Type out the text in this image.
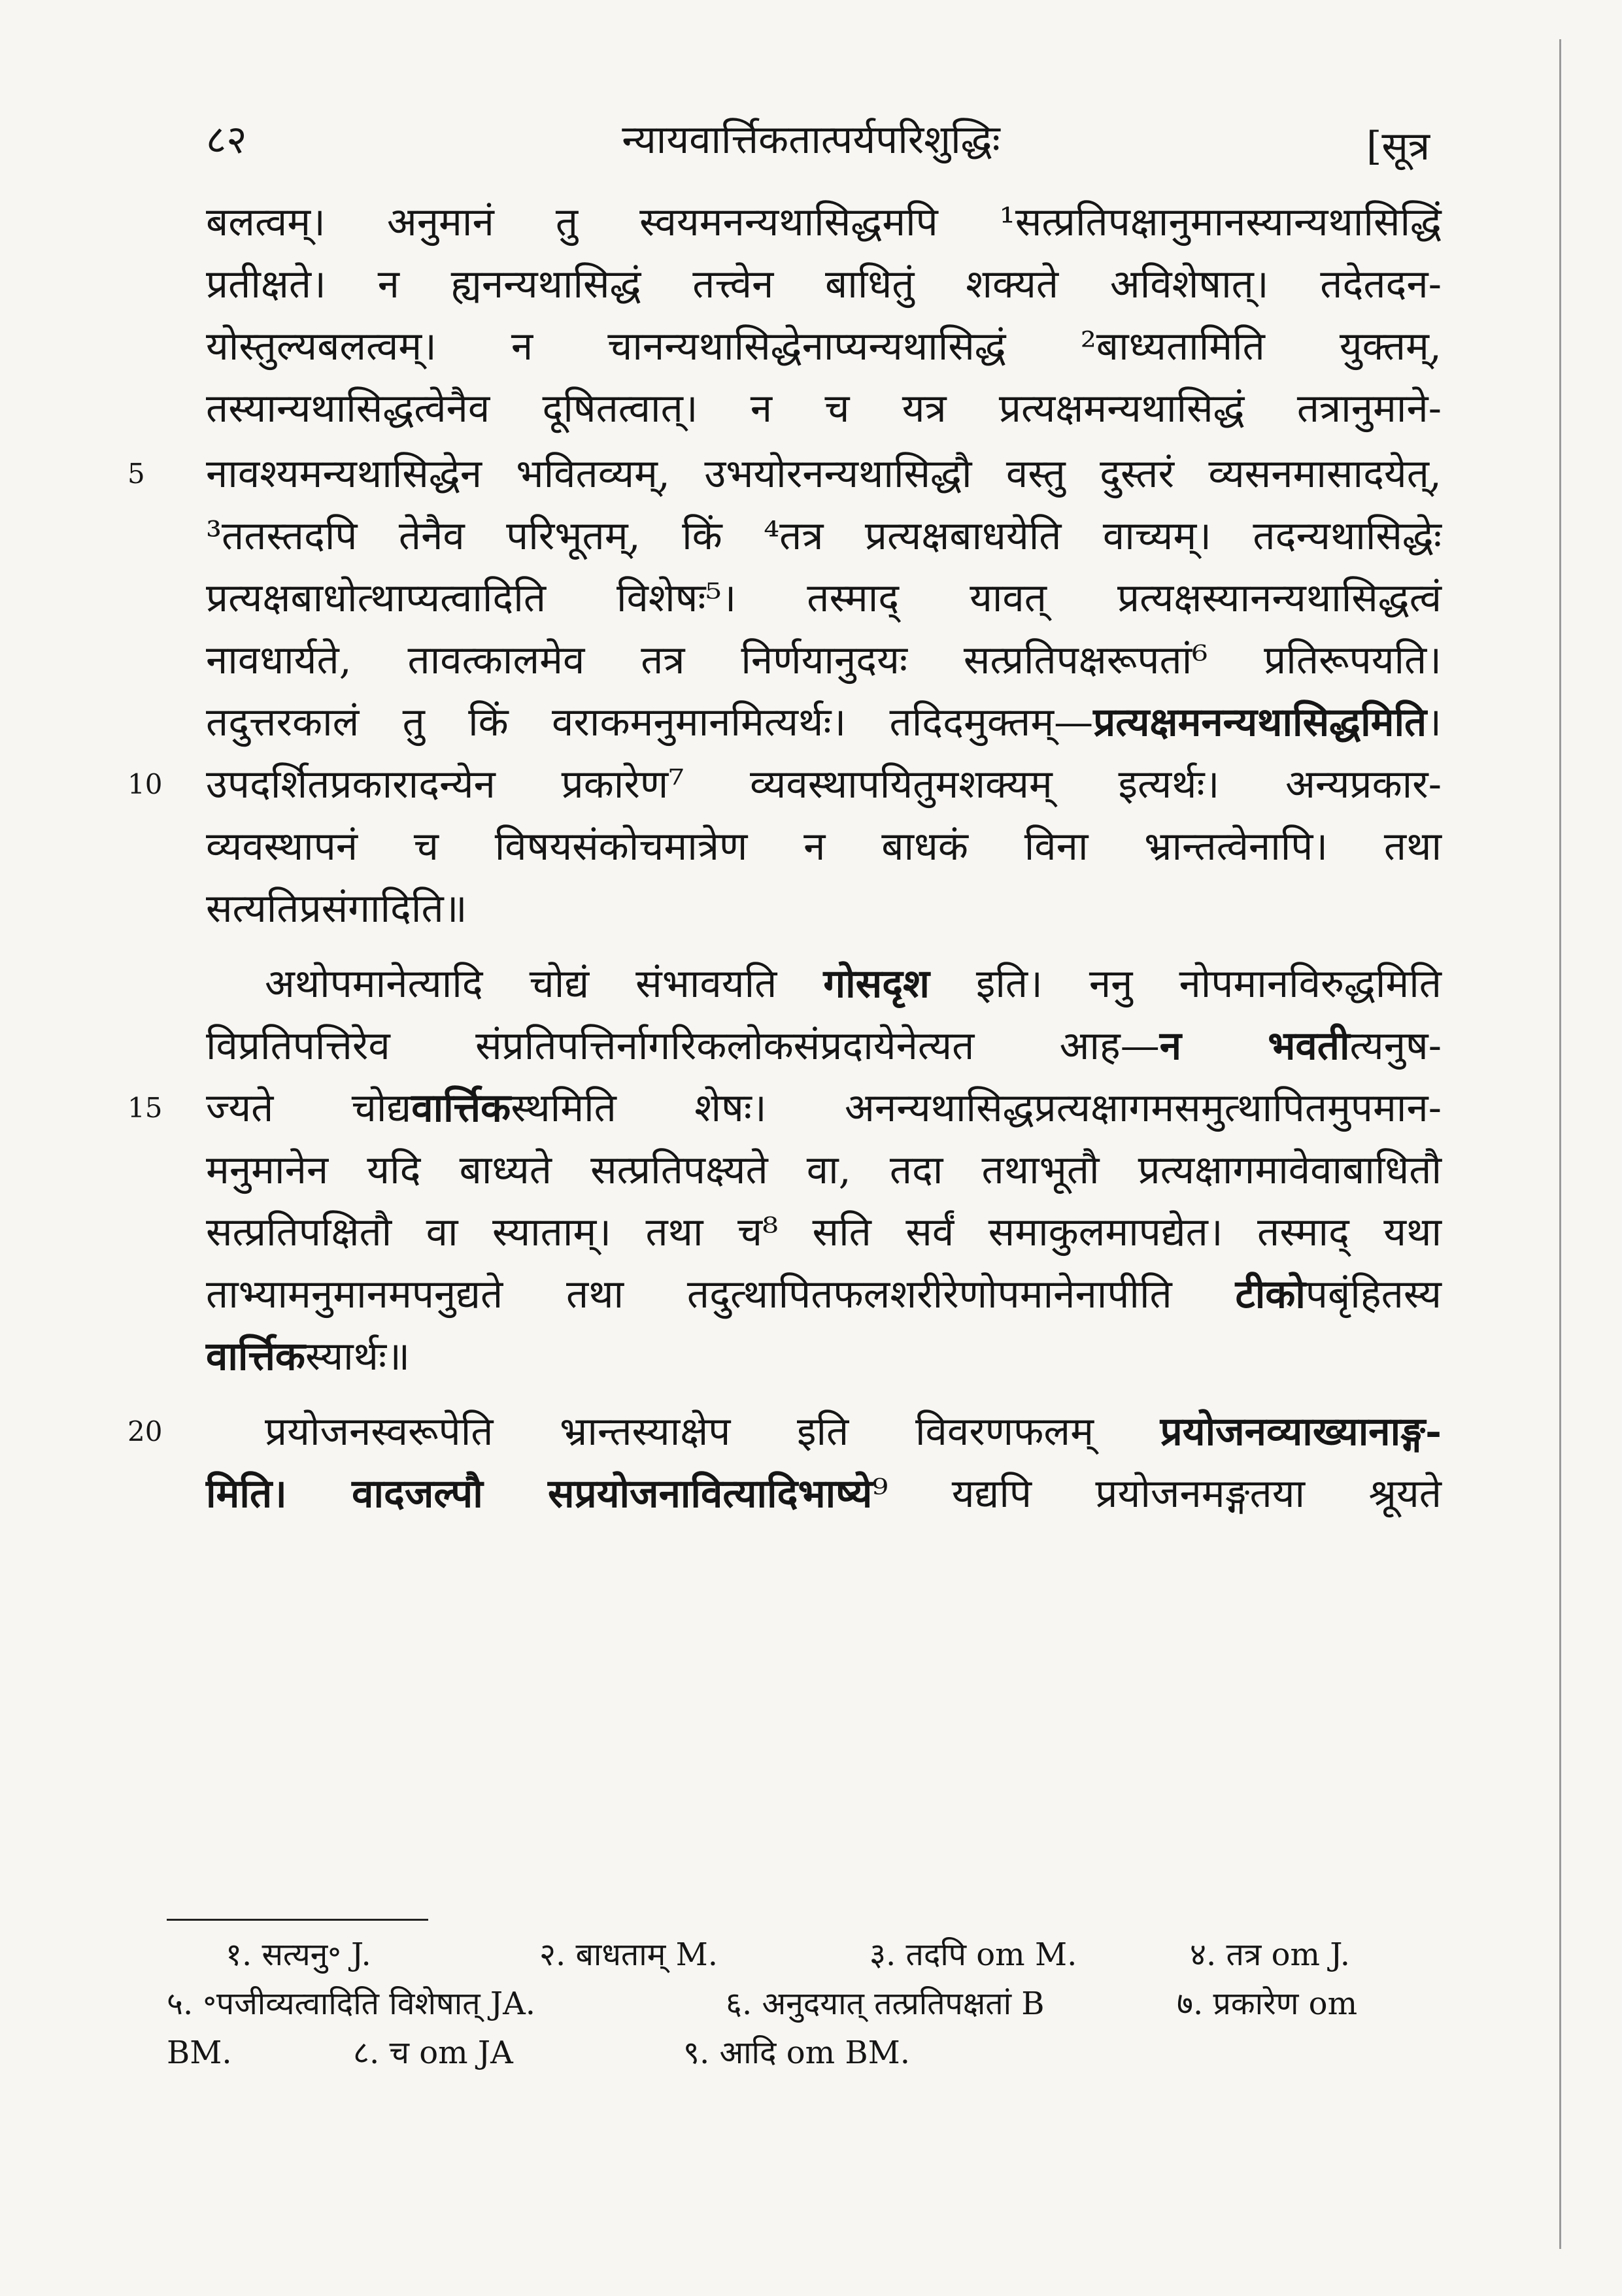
८२	न्यायवार्त्तिकतात्पर्यपरिशुद्धिः	[सूत्र
बलत्वम्। अनुमानं तु स्वयमनन्यथासिद्धमपि ¹सत्प्रतिपक्षानुमानस्यान्यथासिद्धिं
प्रतीक्षते। न ह्यनन्यथासिद्धं तत्त्वेन बाधितुं शक्यते अविशेषात्। तदेतदन-
योस्तुल्यबलत्वम्। न चानन्यथासिद्धेनाप्यन्यथासिद्धं ²बाध्यतामिति युक्तम्,
तस्यान्यथासिद्धत्वेनैव दूषितत्वात्। न च यत्र प्रत्यक्षमन्यथासिद्धं तत्रानुमाने-
5 नावश्यमन्यथासिद्धेन भवितव्यम्, उभयोरनन्यथासिद्धौ वस्तु दुस्तरं व्यसनमासादयेत्,
³ततस्तदपि तेनैव परिभूतम्, किं ⁴तत्र प्रत्यक्षबाधयेति वाच्यम्। तदन्यथासिद्धेः
प्रत्यक्षबाधोत्थाप्यत्वादिति विशेषः⁵। तस्माद् यावत् प्रत्यक्षस्यानन्यथासिद्धत्वं
नावधार्यते, तावत्कालमेव तत्र निर्णयानुदयः सत्प्रतिपक्षरूपतां⁶ प्रतिरूपयति।
तदुत्तरकालं तु किं वराकमनुमानमित्यर्थः। तदिदमुक्तम्—प्रत्यक्षमनन्यथासिद्धमिति।
10 उपदर्शितप्रकारादन्येन प्रकारेण⁷ व्यवस्थापयितुमशक्यम् इत्यर्थः। अन्यप्रकार-
व्यवस्थापनं च विषयसंकोचमात्रेण न बाधकं विना भ्रान्तत्वेनापि। तथा
सत्यतिप्रसंगादिति॥
अथोपमानेत्यादि चोद्यं संभावयति गोसदृश इति। ननु नोपमानविरुद्धमिति
विप्रतिपत्तिरेव संप्रतिपत्तिर्नागरिकलोकसंप्रदायेनेत्यत आह—न भवतीत्यनुष-
15 ज्यते चोद्यवार्त्तिकस्थमिति शेषः। अनन्यथासिद्धप्रत्यक्षागमसमुत्थापितमुपमान-
मनुमानेन यदि बाध्यते सत्प्रतिपक्ष्यते वा, तदा तथाभूतौ प्रत्यक्षागमावेवाबाधितौ
सत्प्रतिपक्षितौ वा स्याताम्। तथा च⁸ सति सर्वं समाकुलमापद्येत। तस्माद् यथा
ताभ्यामनुमानमपनुद्यते तथा तदुत्थापितफलशरीरेणोपमानेनापीति टीकोपबृंहितस्य
वार्त्तिकस्यार्थः॥
20	प्रयोजनस्वरूपेति भ्रान्तस्याक्षेप इति विवरणफलम् प्रयोजनव्याख्यानाङ्ग-
मिति। वादजल्पौ सप्रयोजनावित्यादिभाष्ये⁹ यद्यपि प्रयोजनमङ्गतया श्रूयते
१. सत्यनु॰ J.	२. बाधताम् M.	३. तदपि om M.	४. तत्र om J.
५. ॰पजीव्यत्वादिति विशेषात् JA.	६. अनुदयात् तत्प्रतिपक्षतां B	७. प्रकारेण om
BM.	८. च om JA	९. आदि om BM.
